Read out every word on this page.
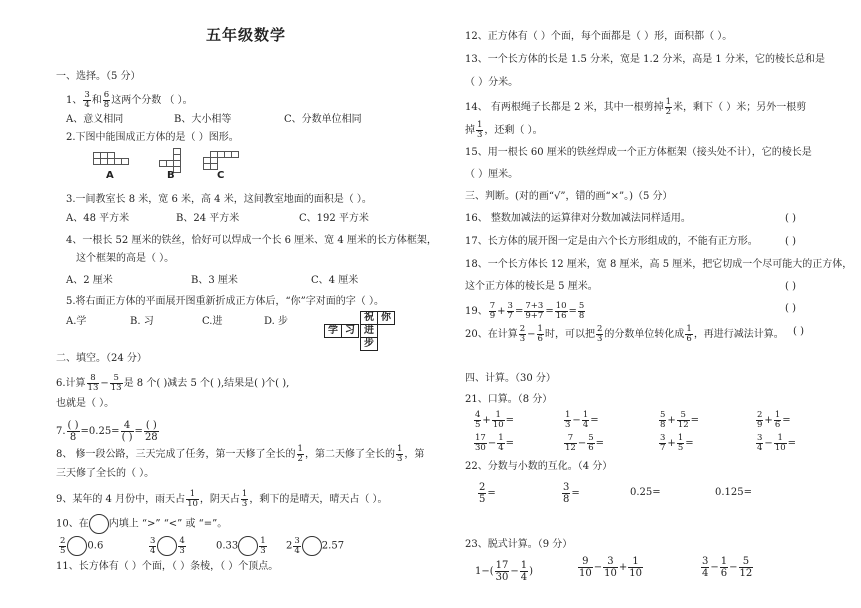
五年级数学
一、选择。（5 分）
1、 $\frac{3}{4}$ 和 $\frac{6}{8}$ 这两个分数 （ ）。
A、意义相同	B、大小相等	C、分数单位相同
2.下图中能围成正方体的是（ ）图形。
A	B	C
3.一间教室长 8 米，宽 6 米，高 4 米，这间教室地面的面积是（ ）。
A、48 平方米	B、24 平方米	C、192 平方米
4、一根长 52 厘米的铁丝，恰好可以焊成一个长 6 厘米、宽 4 厘米的长方体框架，
这个框架的高是（ ）。
A、2 厘米	B、3 厘米	C、4 厘米
5.将右面正方体的平面展开图重新折成正方体后，“你”字对面的字（ ）。
A.学	B. 习	C.进	D. 步	祝 你
学 习 进
步
二、填空。（24 分）
6.计算 $\frac{8}{13} - \frac{5}{13}$ 是 8 个( )减去 5 个( ),结果是( )个( ),
也就是（ ）。
7. $\frac{( )}{8} =0.25= \frac{4}{( )} = \frac{( )}{28}$
8、 修一段公路，三天完成了任务，第一天修了全长的 $\frac{1}{2}$ ，第二天修了全长的 $\frac{1}{3}$ ，第
三天修了全长的（ ）。
9、某年的 4 月份中，雨天占 $\frac{1}{10}$ ，阴天占 $\frac{1}{3}$ ，剩下的是晴天，晴天占（ ）。
10、在 内填上 “>” “<” 或 “=”。
$\frac{2}{5} 0.6$	$\frac{3}{4}$	$\frac{4}{3}$	$0.33 \frac{1}{3} 2 \frac{3}{4} 2.57$
11、长方体有（ ）个面，（ ）条棱，（ ）个顶点。
12、正方体有（ ）个面，每个面都是（ ）形，面积都（ ）。
13、一个长方体的长是 1.5 分米，宽是 1.2 分米，高是 1 分米，它的棱长总和是
（ ）分米。
14、 有两根绳子长都是 2 米，其中一根剪掉 $\frac{1}{2}$ 米，剩下（ ）米；另外一根剪
掉 $\frac{1}{3}$ ，还剩（ ）。
15、用一根长 60 厘米的铁丝焊成一个正方体框架（接头处不计），它的棱长是
（ ）厘米。
三、判断。(对的画“√”，错的画“×”。)（5 分）
16、 整数加减法的运算律对分数加减法同样适用。	( )
17、长方体的展开图一定是由六个长方形组成的，不能有正方形。	( )
18、一个长方体长 12 厘米，宽 8 厘米，高 5 厘米，把它切成一个尽可能大的正方体，
这个正方体的棱长是 5 厘米。	( )
19、 $\frac{7}{9} + \frac{3}{7} = \frac{7+3}{9+7} = \frac{10}{16} = \frac{5}{8}$	( )
20、在计算 $\frac{2}{3} - \frac{1}{6}$ 时，可以把 $\frac{2}{3}$ 的分数单位转化成 $\frac{1}{6}$ ，再进行减法计算。 ( )
四、计算。（30 分）
21、口算。（8 分）
$\frac{4}{5} + \frac{1}{10}$ =	$\frac{1}{3} - \frac{1}{4}$ =	$\frac{5}{8} + \frac{5}{12}$ =	$\frac{2}{9} + \frac{1}{6}$ =
$\frac{17}{30} - \frac{1}{4}$ =	$\frac{7}{12} - \frac{5}{6}$ =	$\frac{3}{7} + \frac{1}{5}$ =	$\frac{3}{4} - \frac{1}{10}$ =
22、分数与小数的互化。（4 分）
$\frac{2}{5}$ =	$\frac{3}{8}$ =	0.25=	0.125=
23、脱式计算。（9 分）
$1-( \frac{17}{30} - \frac{1}{4}$ )	$\frac{9}{10} - \frac{3}{10} + \frac{1}{10}$	$\frac{3}{4} - \frac{1}{6} - \frac{5}{12}$
